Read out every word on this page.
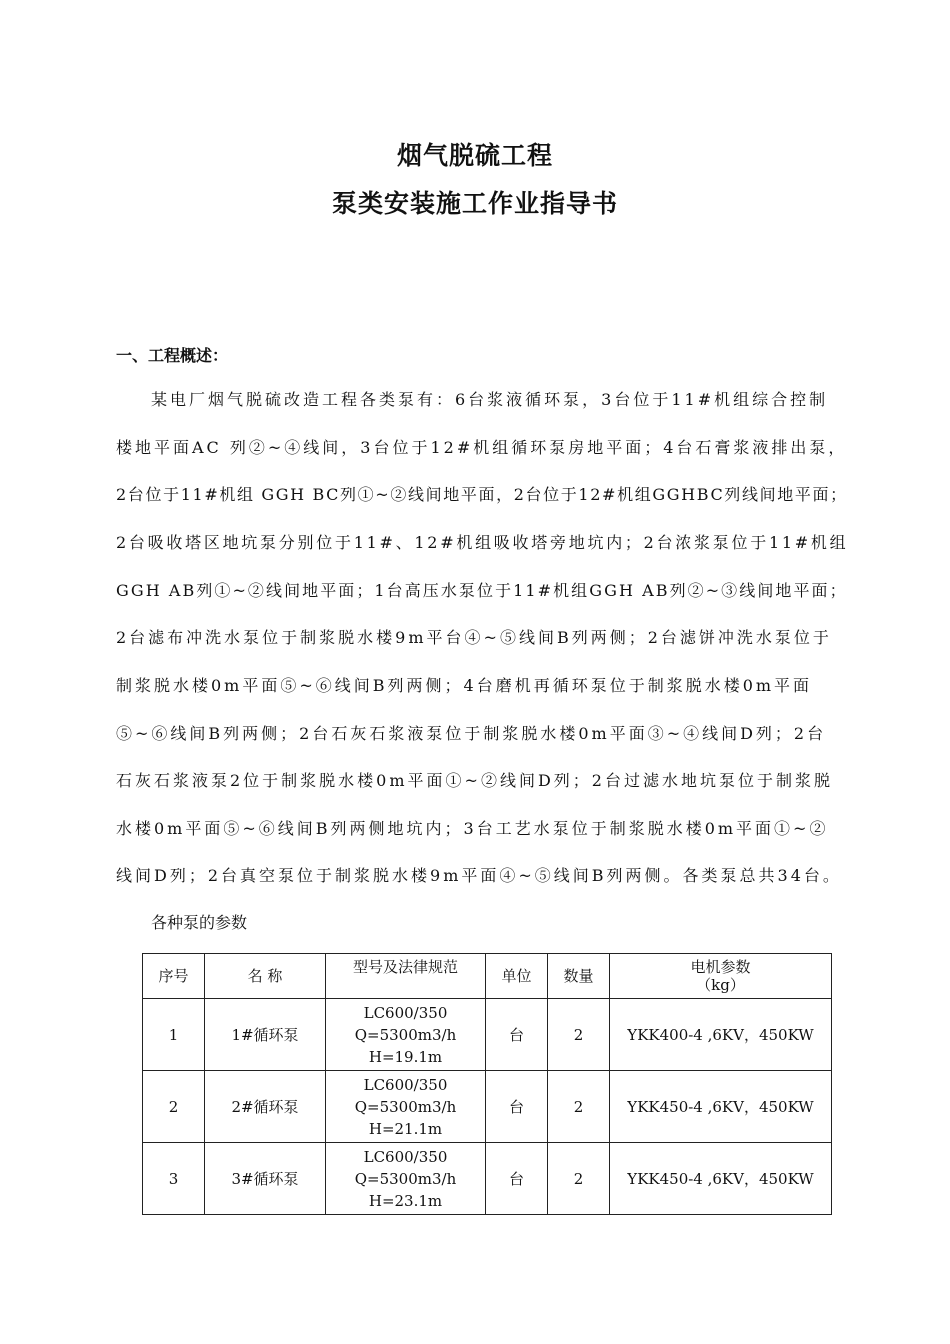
烟气脱硫工程
泵类安装施工作业指导书
一、工程概述：
某电厂烟气脱硫改造工程各类泵有：6台浆液循环泵，3台位于11#机组综合控制
楼地平面AC 列②~④线间，3台位于12#机组循环泵房地平面；4台石膏浆液排出泵，
2台位于11#机组 GGH BC列①~②线间地平面，2台位于12#机组GGHBC列线间地平面；
2台吸收塔区地坑泵分别位于11#、12#机组吸收塔旁地坑内；2台浓浆泵位于11#机组
GGH AB列①~②线间地平面；1台高压水泵位于11#机组GGH AB列②~③线间地平面；
2台滤布冲洗水泵位于制浆脱水楼9m平台④~⑤线间B列两侧；2台滤饼冲洗水泵位于
制浆脱水楼0m平面⑤~⑥线间B列两侧；4台磨机再循环泵位于制浆脱水楼0m平面
⑤~⑥线间B列两侧；2台石灰石浆液泵位于制浆脱水楼0m平面③~④线间D列；2台
石灰石浆液泵2位于制浆脱水楼0m平面①~②线间D列；2台过滤水地坑泵位于制浆脱
水楼0m平面⑤~⑥线间B列两侧地坑内；3台工艺水泵位于制浆脱水楼0m平面①~②
线间D列；2台真空泵位于制浆脱水楼9m平面④~⑤线间B列两侧。各类泵总共34台。
各种泵的参数
序号	名 称	型号及法律规范	单位	数量	电机参数
（kg）

1	1#循环泵	LC600/350
Q=5300m3/h
H=19.1m	台	2	YKK400-4 ,6KV，450KW
2	2#循环泵	LC600/350
Q=5300m3/h
H=21.1m	台	2	YKK450-4 ,6KV，450KW
3	3#循环泵	LC600/350
Q=5300m3/h
H=23.1m	台	2	YKK450-4 ,6KV，450KW
